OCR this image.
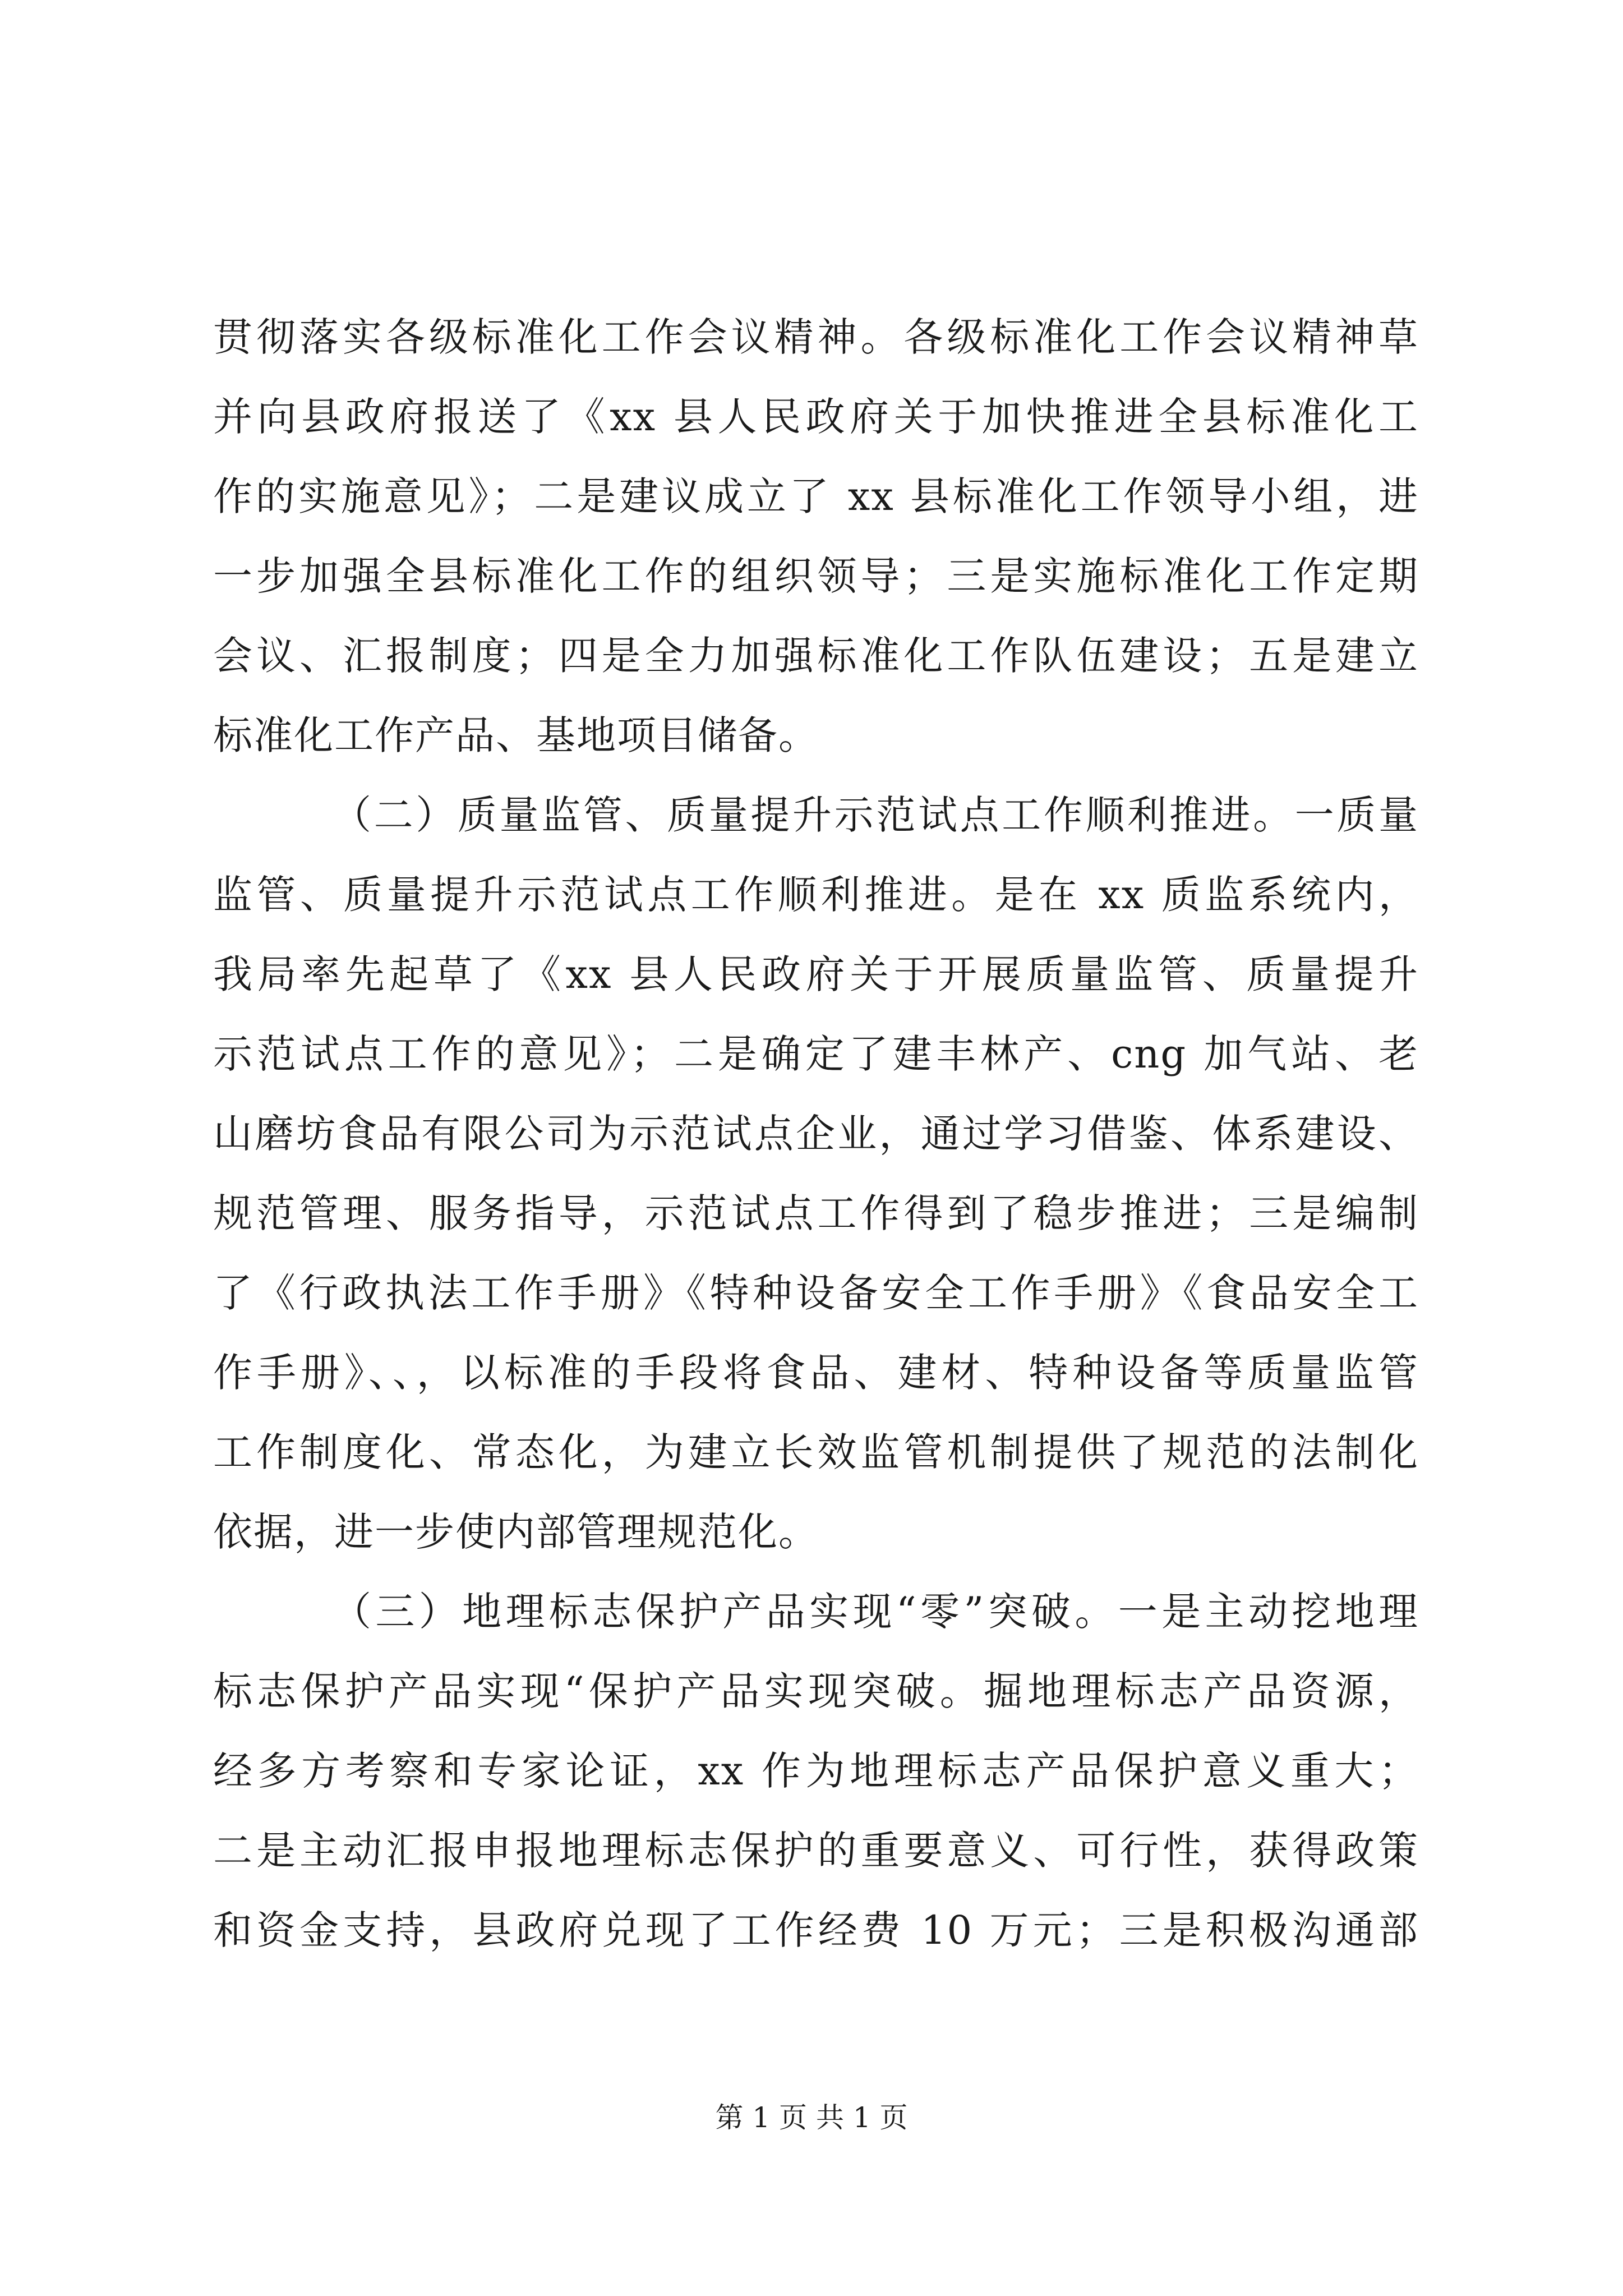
贯彻落实各级标准化工作会议精神。各级标准化工作会议精神草
并向县政府报送了《xx 县人民政府关于加快推进全县标准化工
作的实施意见》；二是建议成立了 xx 县标准化工作领导小组，进
一步加强全县标准化工作的组织领导；三是实施标准化工作定期
会议、汇报制度；四是全力加强标准化工作队伍建设；五是建立
标准化工作产品、基地项目储备。
（二）质量监管、质量提升示范试点工作顺利推进。一质量
监管、质量提升示范试点工作顺利推进。是在 xx 质监系统内，
我局率先起草了《xx 县人民政府关于开展质量监管、质量提升
示范试点工作的意见》；二是确定了建丰林产、cng 加气站、老
山磨坊食品有限公司为示范试点企业，通过学习借鉴、体系建设、
规范管理、服务指导，示范试点工作得到了稳步推进；三是编制
了《行政执法工作手册》《特种设备安全工作手册》《食品安全工
作手册》、、，以标准的手段将食品、建材、特种设备等质量监管
工作制度化、常态化，为建立长效监管机制提供了规范的法制化
依据，进一步使内部管理规范化。
（三）地理标志保护产品实现“零”突破。一是主动挖地理
标志保护产品实现“保护产品实现突破。掘地理标志产品资源，
经多方考察和专家论证，xx 作为地理标志产品保护意义重大；
二是主动汇报申报地理标志保护的重要意义、可行性，获得政策
和资金支持，县政府兑现了工作经费 10 万元；三是积极沟通部
第 1 页 共 1 页
